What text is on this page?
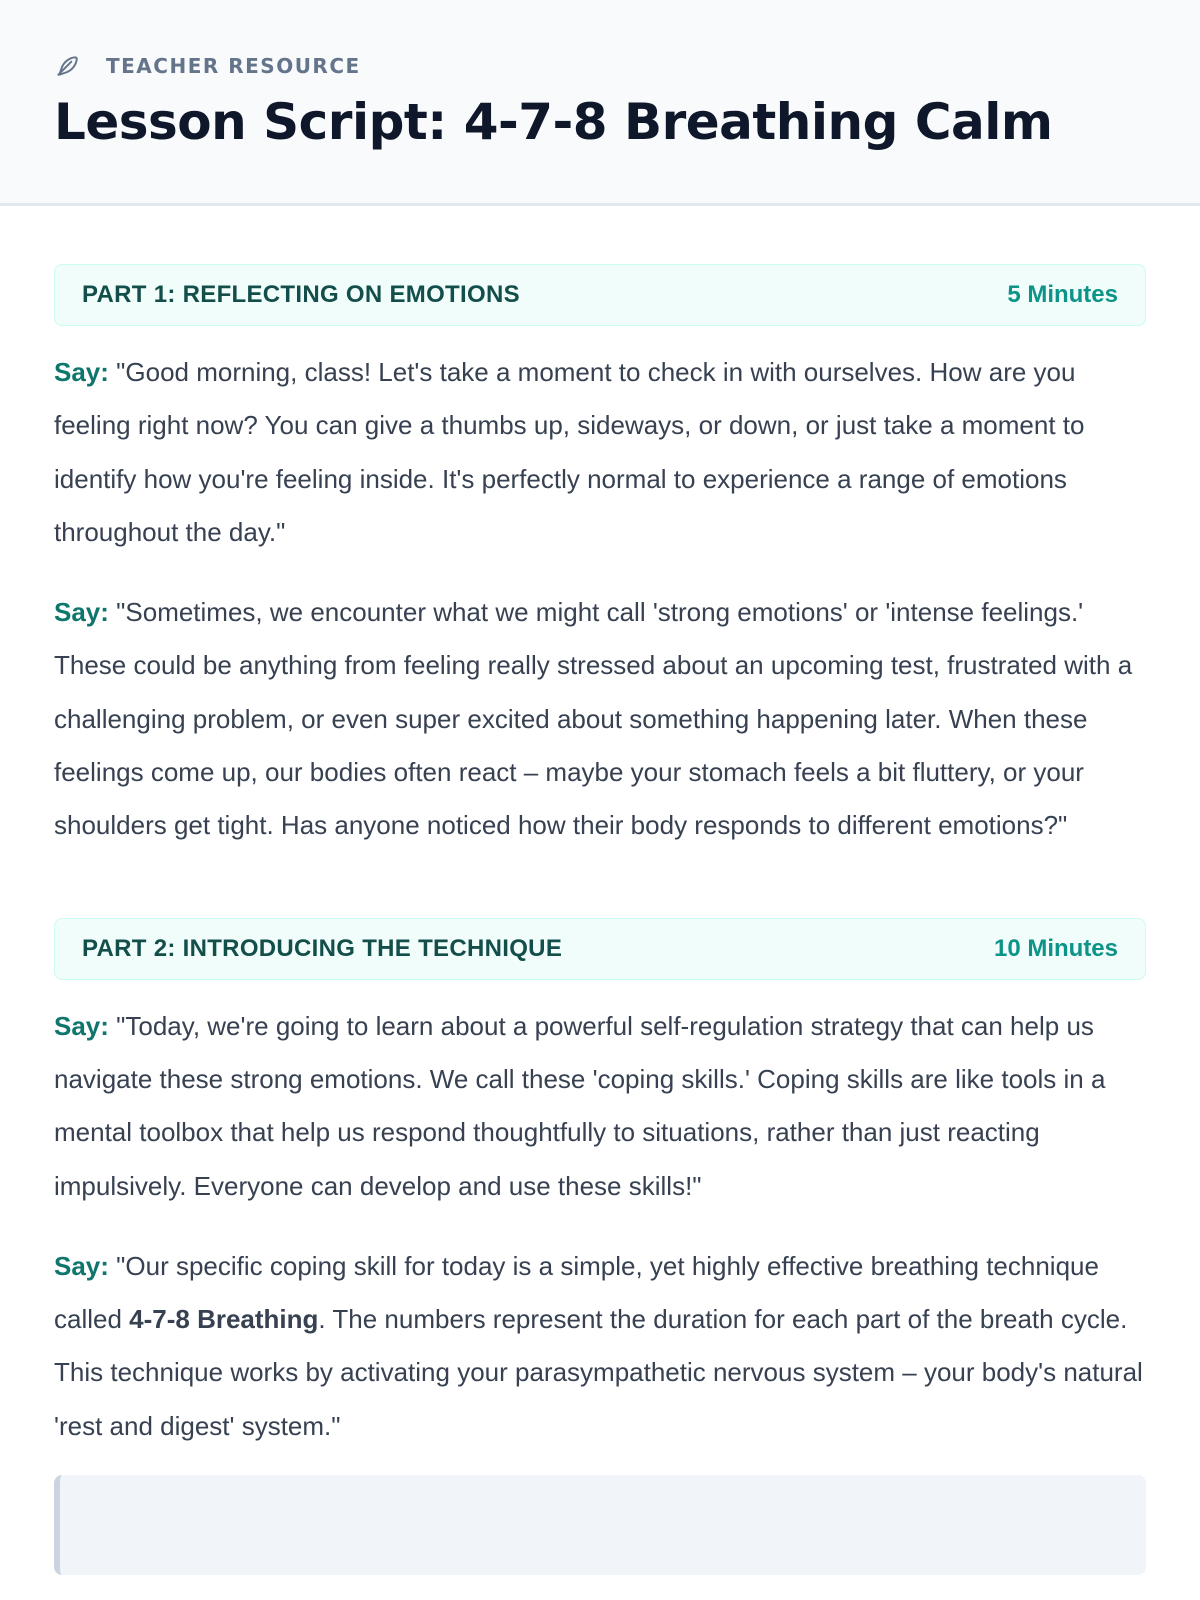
TEACHER RESOURCE
Lesson Script: 4-7-8 Breathing Calm
PART 1: REFLECTING ON EMOTIONS	5 Minutes

Say: "Good morning, class! Let's take a moment to check in with ourselves. How are you feeling right now? You can give a thumbs up, sideways, or down, or just take a moment to identify how you're feeling inside. It's perfectly normal to experience a range of emotions throughout the day."

Say: "Sometimes, we encounter what we might call 'strong emotions' or 'intense feelings.' These could be anything from feeling really stressed about an upcoming test, frustrated with a challenging problem, or even super excited about something happening later. When these feelings come up, our bodies often react – maybe your stomach feels a bit fluttery, or your shoulders get tight. Has anyone noticed how their body responds to different emotions?"

PART 2: INTRODUCING THE TECHNIQUE	10 Minutes

Say: "Today, we're going to learn about a powerful self-regulation strategy that can help us navigate these strong emotions. We call these 'coping skills.' Coping skills are like tools in a mental toolbox that help us respond thoughtfully to situations, rather than just reacting impulsively. Everyone can develop and use these skills!"

Say: "Our specific coping skill for today is a simple, yet highly effective breathing technique called 4-7-8 Breathing. The numbers represent the duration for each part of the breath cycle. This technique works by activating your parasympathetic nervous system – your body's natural 'rest and digest' system."
